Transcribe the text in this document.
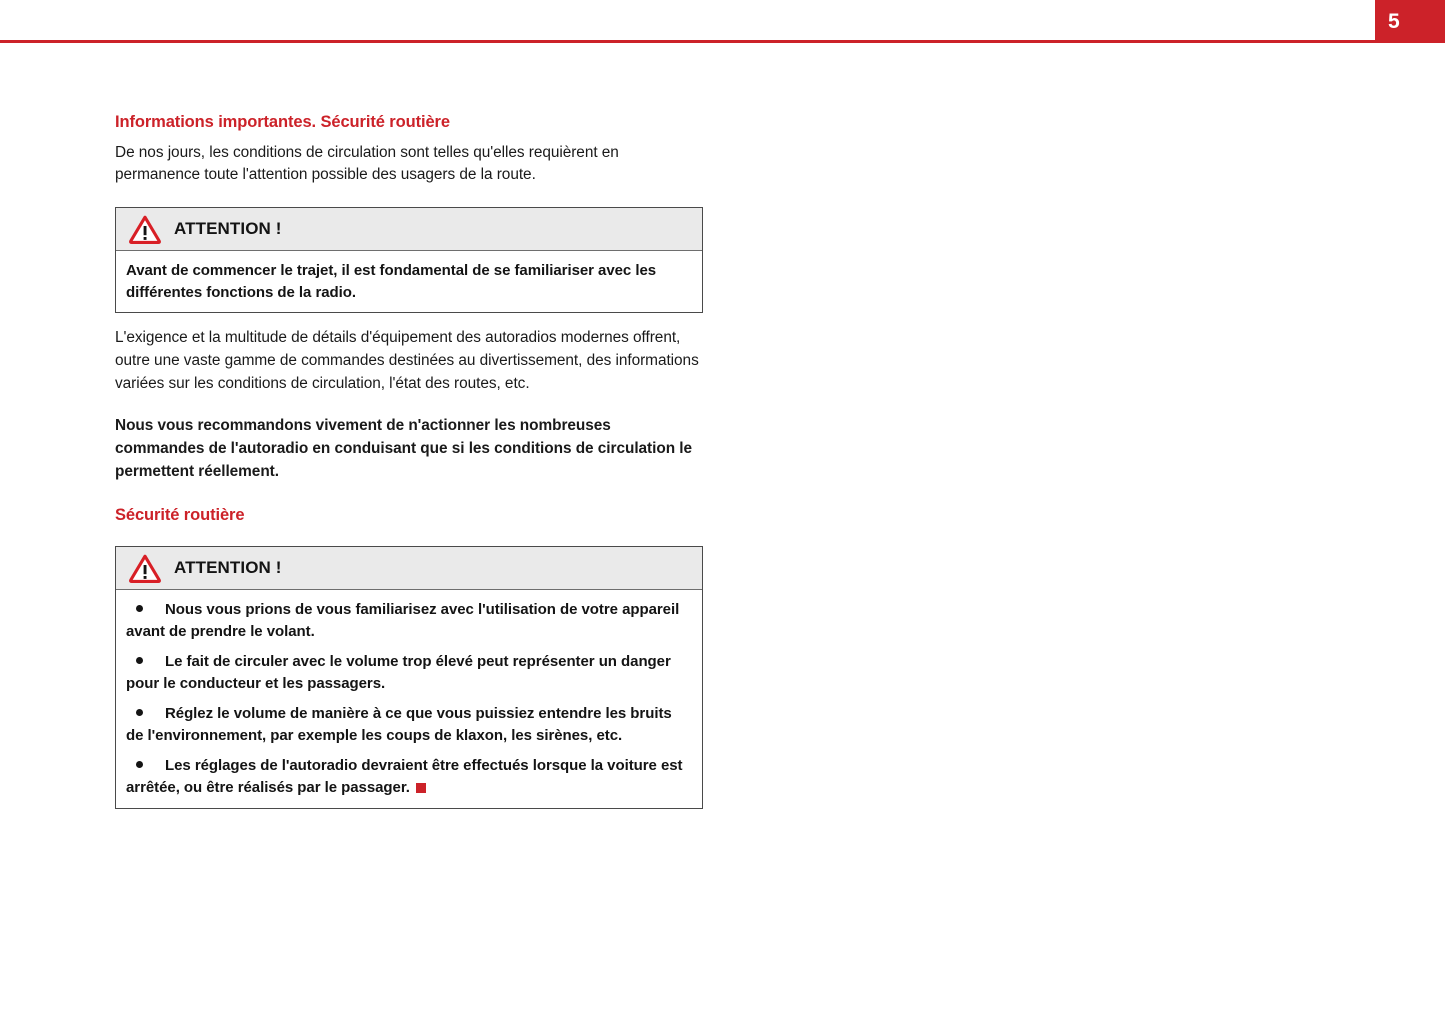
5
Informations importantes. Sécurité routière

De nos jours, les conditions de circulation sont telles qu'elles requièrent en permanence toute l'attention possible des usagers de la route.

ATTENTION !

Avant de commencer le trajet, il est fondamental de se familiariser avec les différentes fonctions de la radio.

L'exigence et la multitude de détails d'équipement des autoradios modernes offrent, outre une vaste gamme de commandes destinées au divertissement, des informations variées sur les conditions de circulation, l'état des routes, etc.

Nous vous recommandons vivement de n'actionner les nombreuses commandes de l'autoradio en conduisant que si les conditions de circulation le permettent réellement.

Sécurité routière
ATTENTION !
Nous vous prions de vous familiarisez avec l'utilisation de votre appareil avant de prendre le volant.
Le fait de circuler avec le volume trop élevé peut représenter un danger pour le conducteur et les passagers.
Réglez le volume de manière à ce que vous puissiez entendre les bruits de l'environnement, par exemple les coups de klaxon, les sirènes, etc.
Les réglages de l'autoradio devraient être effectués lorsque la voiture est arrêtée, ou être réalisés par le passager.
